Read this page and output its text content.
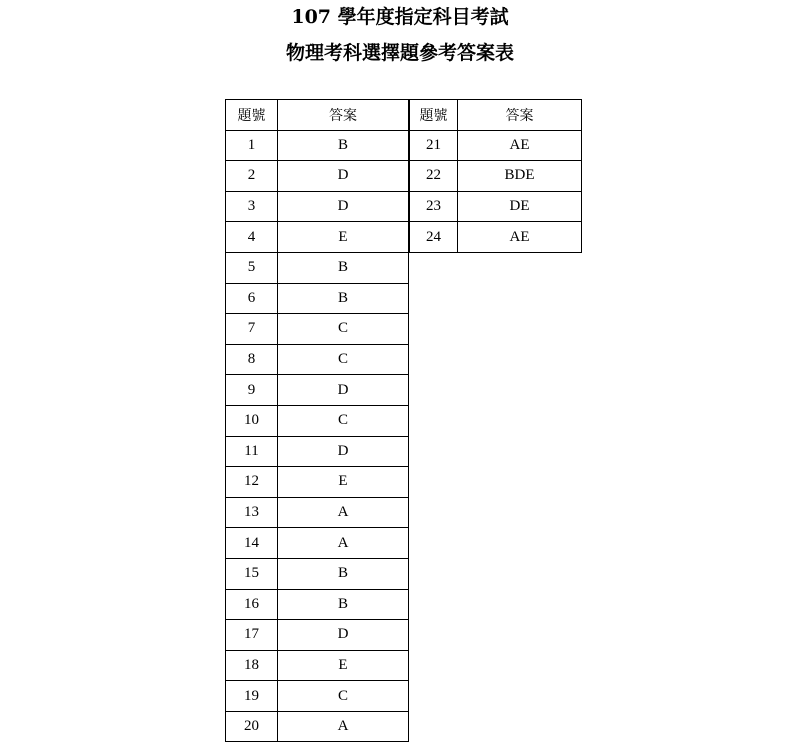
107 學年度指定科目考試
物理考科選擇題參考答案表
題號	答案
1	B
2	D
3	D
4	E
5	B
6	B
7	C
8	C
9	D
10	C
11	D
12	E
13	A
14	A
15	B
16	B
17	D
18	E
19	C
20	A
題號	答案
21	AE
22	BDE
23	DE
24	AE
